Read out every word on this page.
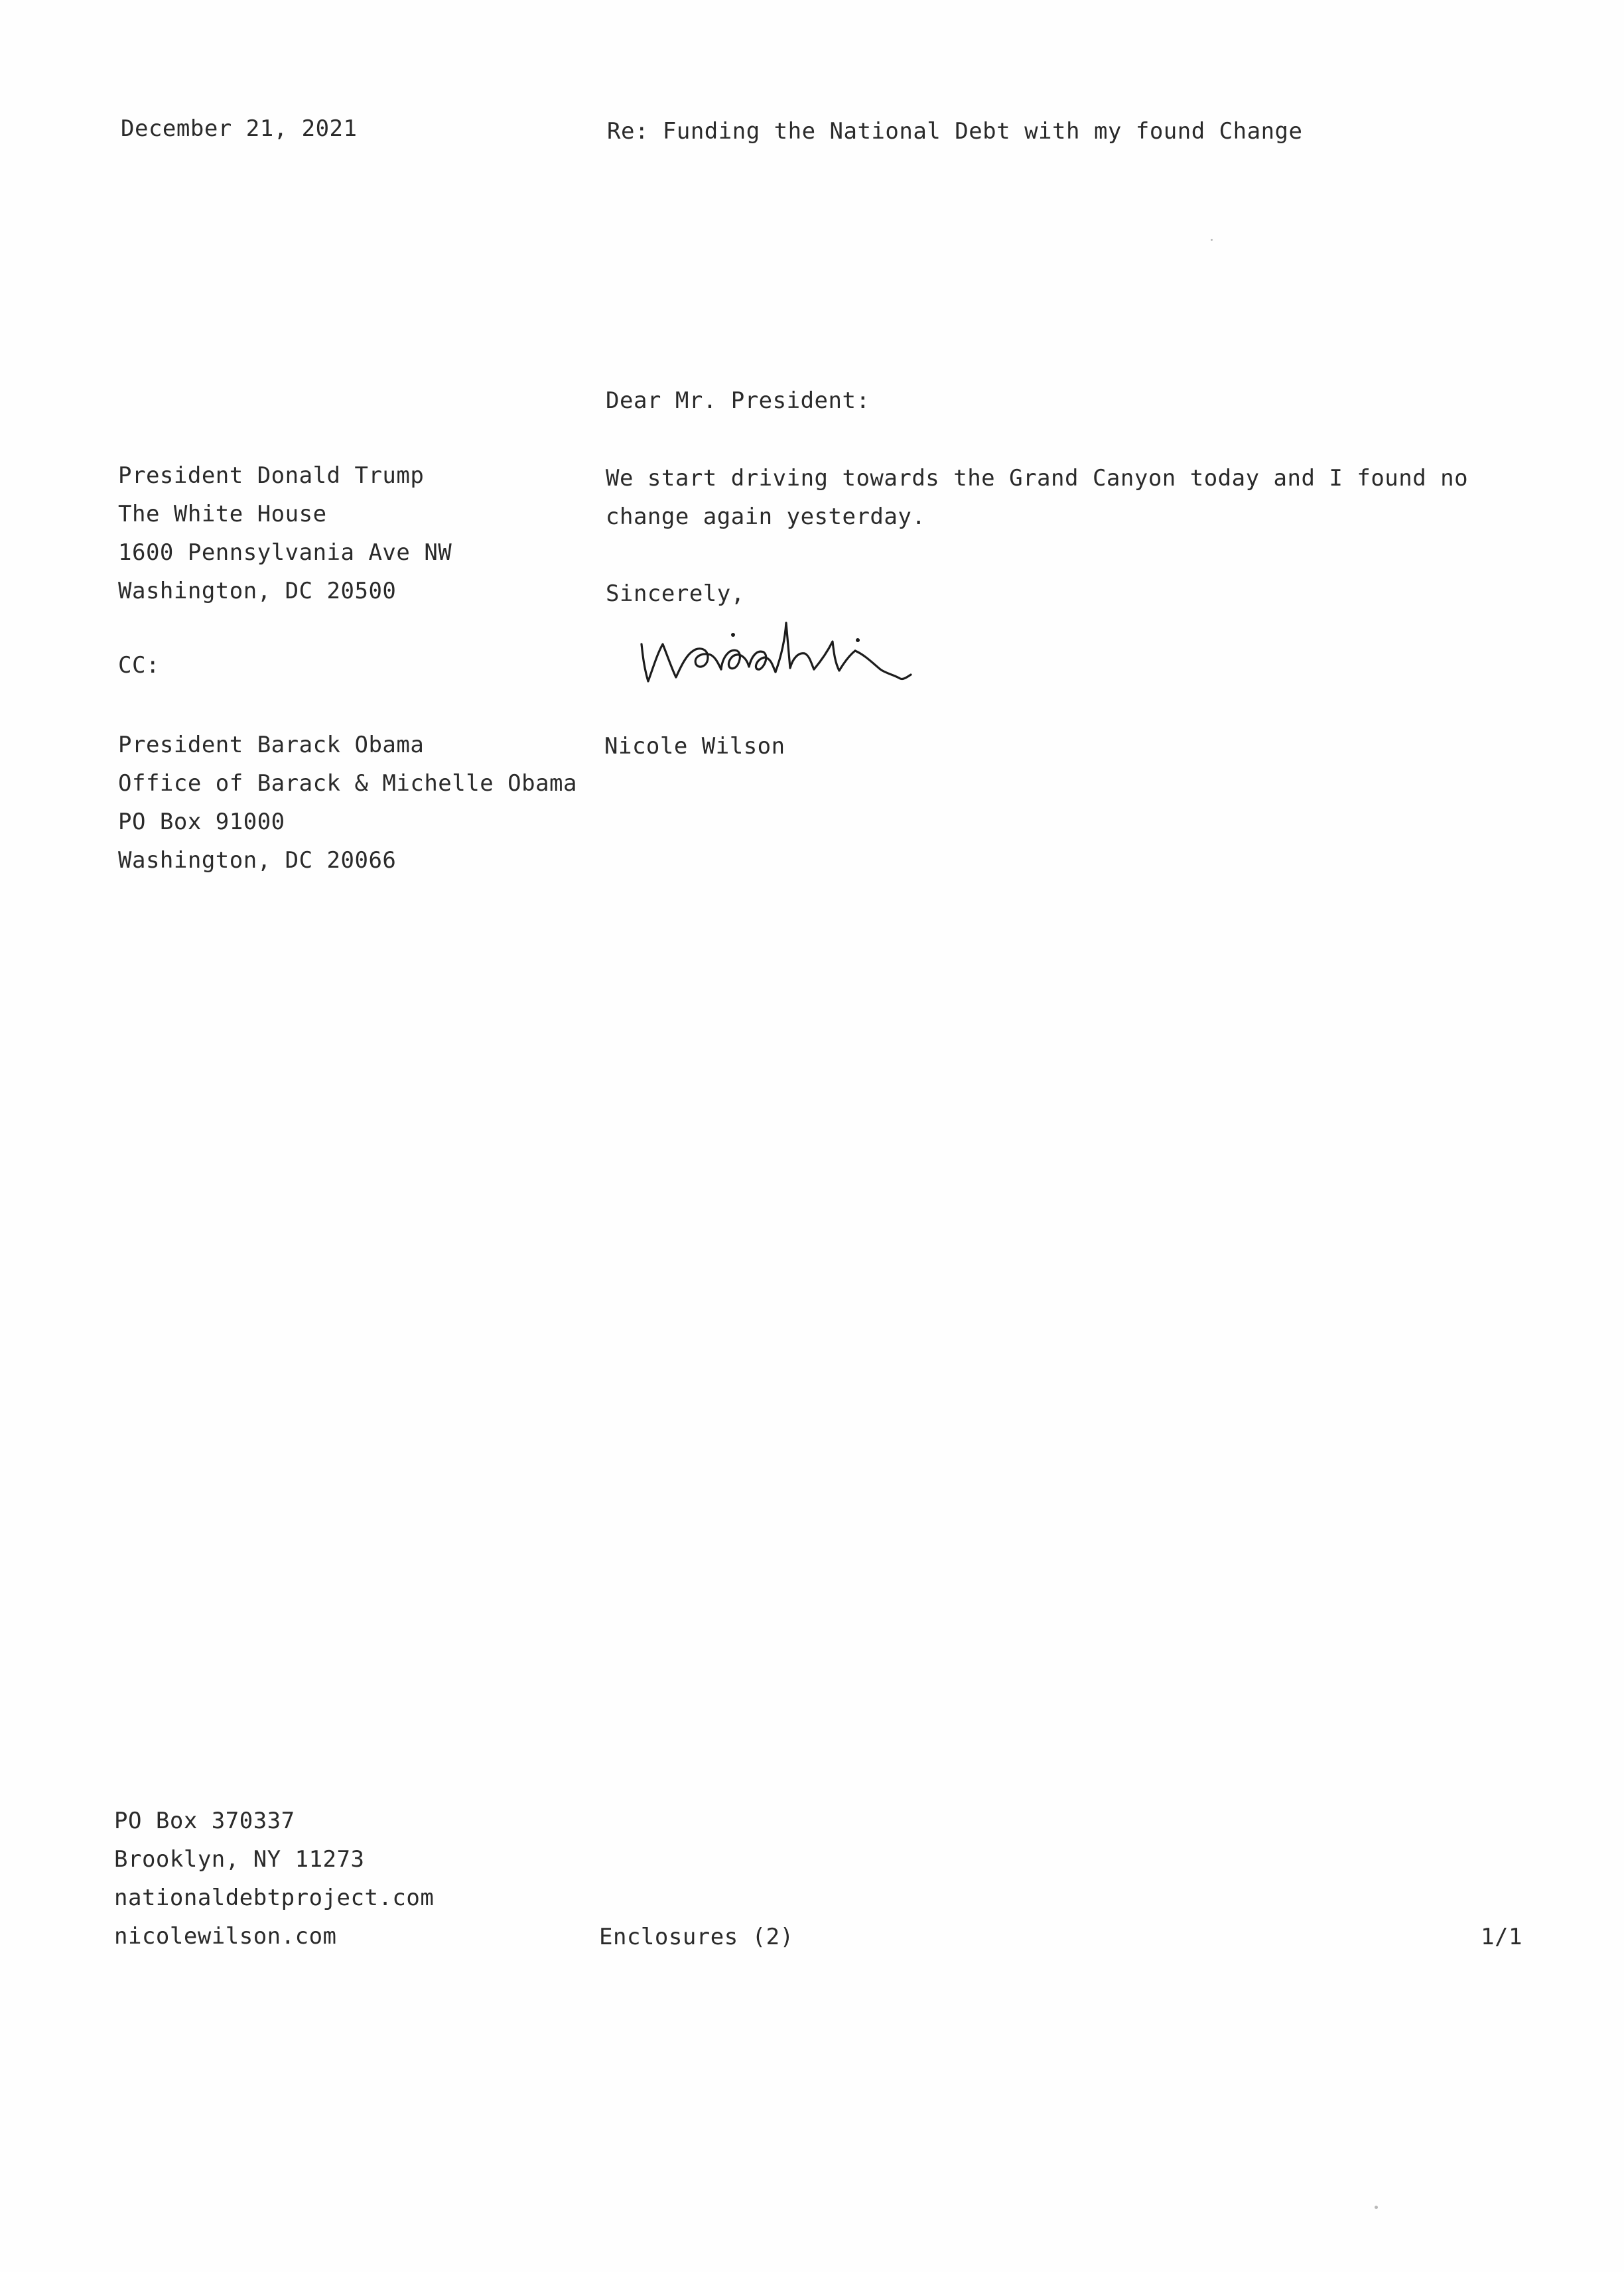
December 21, 2021	Re: Funding the National Debt with my found Change
Dear Mr. President:
President Donald Trump
The White House
1600 Pennsylvania Ave NW
Washington, DC 20500
We start driving towards the Grand Canyon today and I found no
change again yesterday.
Sincerely,
CC:
Nicole Wilson
President Barack Obama
Office of Barack & Michelle Obama
PO Box 91000
Washington, DC 20066
PO Box 370337
Brooklyn, NY 11273
nationaldebtproject.com
nicolewilson.com	Enclosures (2)	1/1
